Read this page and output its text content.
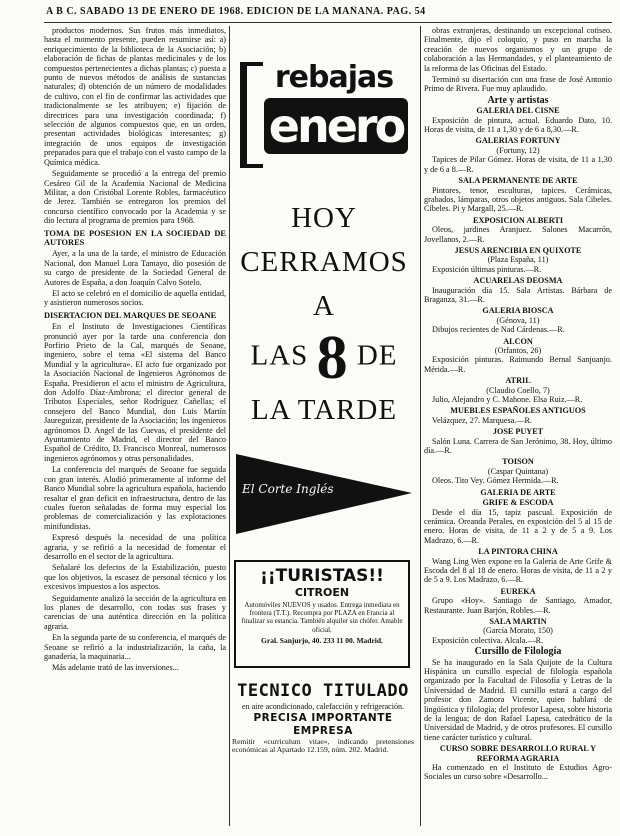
A B C. SABADO 13 DE ENERO DE 1968. EDICION DE LA MAÑANA. PAG. 54

productos modernos. Sus frutos más inmediatos, hasta el momento presente, pueden resumirse así: a) enriquecimiento de la biblioteca de la Asociación; b) elaboración de fichas de plantas medicinales y de los compuestos pertenecientes a dichas plantas; c) puesta a punto de nuevos métodos de análisis de sustancias naturales; d) obtención de un número de modalidades de cultivo, con el fin de confirmar las actividades que tradicionalmente se les atribuyen; e) fijación de directrices para una investigación coordinada; f) selección de algunos compuestos que, en un orden, presentan actividades biológicas interesantes; g) integración de unos equipos de investigación preparados para que el trabajo con el vasto campo de la Química médica.

Seguidamente se procedió a la entrega del premio Cesáreo Gil de la Academia Nacional de Medicina Militar, a don Cristóbal Lorente Robles, farmacéutico de Jerez. También se entregaron los premios del concurso científico convocado por la Academia y se dio lectura al programa de premios para 1968.

TOMA DE POSESION EN LA SOCIEDAD DE AUTORES

Ayer, a la una de la tarde, el ministro de Educación Nacional, don Manuel Lora Tamayo, dio posesión de su cargo de presidente de la Sociedad General de Autores de España, a don Joaquín Calvo Sotelo.

El acto se celebró en el domicilio de aquella entidad, y asistieron numerosos socios.

DISERTACION DEL MARQUES DE SEOANE

En el Instituto de Investigaciones Científicas pronunció ayer por la tarde una conferencia don Porfirio Prieto de la Cal, marqués de Seoane, ingeniero, sobre el tema «El sistema del Banco Mundial y la agricultura». El acto fue organizado por la Asociación Nacional de Ingenieros Agrónomos de España. Presidieron el acto el ministro de Agricultura, don Adolfo Díaz-Ambrona; el director general de Tributos Especiales, señor Rodríguez Cañellas; el consejero del Banco Mundial, don Luis Martín Jaureguizar, presidente de la Asociación; los ingenieros agrónomos D. Angel de las Cuevas, el presidente del Ayuntamiento de Madrid, el director del Banco Español de Crédito, D. Francisco Monreal, numerosos ingenieros agrónomos y otras personalidades.

La conferencia del marqués de Seoane fue seguida con gran interés. Aludió primeramente al informe del Banco Mundial sobre la agricultura española, haciendo resaltar el gran deficit en infraestructura, dentro de las cuales fueron señaladas de forma muy especial los problemas de comercialización y las explotaciones minifundistas.

Expresó después la necesidad de una política agraria, y se refirió a la necesidad de fomentar el desarrollo en el sector de la agricultura.

Señalaré los defectos de la Estabilización, puesto que los objetivos, la escasez de personal técnico y los excesivos impuestos a los aspectos.

Seguidamente analizó la sección de la agricultura en los planes de desarrollo, con todas sus frases y carencias de una auténtica dirección en la política agraria.

En la segunda parte de su conferencia, el marqués de Seoane se refirió a la industrialización, la caña, la ganadería, la maquinaria...

Más adelante trató de las inversiones...

rebajas
enero
HOY
CERRAMOS
A
LAS 8 DE
LA TARDE
El Corte Inglés
¡¡TURISTAS!!
CITROEN
Automóviles NUEVOS y usados. Entrega inmediata en frontera (T.T.). Recompra por PLAZA en Francia al finalizar su estancia. También alquiler sin chófer. Amable oficial.
Gral. Sanjurjo, 40. 233 11 00. Madrid.
TECNICO TITULADO
en aire acondicionado, calefacción y refrigeración.
PRECISA IMPORTANTE
EMPRESA
Remitir «curriculum vitae», indicando pretensiones económicas al Apartado 12.159, núm. 202. Madrid.

obras extranjeras, destinando un excepcional cotiseo. Finalmente, dijo el coloquio, y puso en marcha la creación de nuevos organismos y un grupo de colaboración a las Hermandades, y el planteamiento de la reforma de las Oficinas del Estado.

Terminó su disertación con una frase de José Antonio Primo de Rivera. Fue muy aplaudido.

Arte y artistas

GALERIA DEL CISNE

Exposición de pintura, actual. Eduardo Dato, 10. Horas de visita, de 11 a 1,30 y de 6 a 8,30.—R.

GALERIAS FORTUNY

(Fortuny, 12)

Tapices de Pilar Gómez. Horas de visita, de 11 a 1,30 y de 6 a 8.—R.

SALA PERMANENTE DE ARTE

Pintores, tenor, esculturas, tapices. Cerámicas, grabados, lámparas, otros objetos antiguos. Sala Cibeles. Cibeles. Pi y Margall, 25.—R.

EXPOSICION ALBERTI

Oleos, jardines Aranjuez. Salones Macarrón, Jovellanos, 2.—R.

JESUS ARENCIBIA EN QUIXOTE

(Plaza España, 11)

Exposición últimas pinturas.—R.

ACUARELAS DEOSMA

Inauguración día 15. Sala Artistas. Bárbara de Braganza, 31.—R.

GALERIA BIOSCA

(Génova, 11)

Dibujos recientes de Nad Cárdenas.—R.

ALCON

(Orfantos, 26)

Exposición pinturas. Raimundo Bernal Sanjuanjo. Mérida.—R.

ATRIL

(Claudio Coello, 7)

Julio, Alejandro y C. Mahone. Elsa Ruiz.—R.

MUEBLES ESPAÑOLES ANTIGUOS

Velázquez, 27. Marquesa.—R.

JOSE PUYET

Salón Luna. Carrera de San Jerónimo, 38. Hoy, último día.—R.

TOISON

(Caspar Quintana)

Oleos. Tito Vey. Gómez Hermida.—R.

GALERIA DE ARTE

GRIFE & ESCODA

Desde el día 15, tapiz pascual. Exposición de cerámica. Oreanda Perales, en exposición del 5 al 15 de enero. Horas de visita, de 11 a 2 y de 5 a 9. Los Madrazo, 6.—R.

LA PINTORA CHINA

Wang Ling Wen expone en la Galería de Arte Grife & Escoda del 8 al 18 de enero. Horas de visita, de 11 a 2 y de 5 a 9. Los Madrazo, 6.—R.

EUREKA

Grupo «Hoy». Santiago de Santiago, Amador, Restaurante. Juan Barjón, Robles.—R.

SALA MARTIN

(García Morato, 150)

Exposición colectiva. Alcala.—R.

Cursillo de Filología

Se ha inaugurado en la Sala Quijote de la Cultura Hispánica un cursillo especial de filología española organizado por la Facultad de Filosofía y Letras de la Universidad de Madrid. El cursillo estará a cargo del profesor don Zamora Vicente, quien hablará de lingüística y filología; del profesor Lapesa, sobre historia de la lengua; de don Rafael Lapesa, catedrático de la Universidad de Madrid, y de otros profesores. El cursillo tiene carácter turístico y cultural.

CURSO SOBRE DESARROLLO RURAL Y REFORMA AGRARIA

Ha comenzado en el Instituto de Estudios Agro-Sociales un curso sobre «Desarrollo...
